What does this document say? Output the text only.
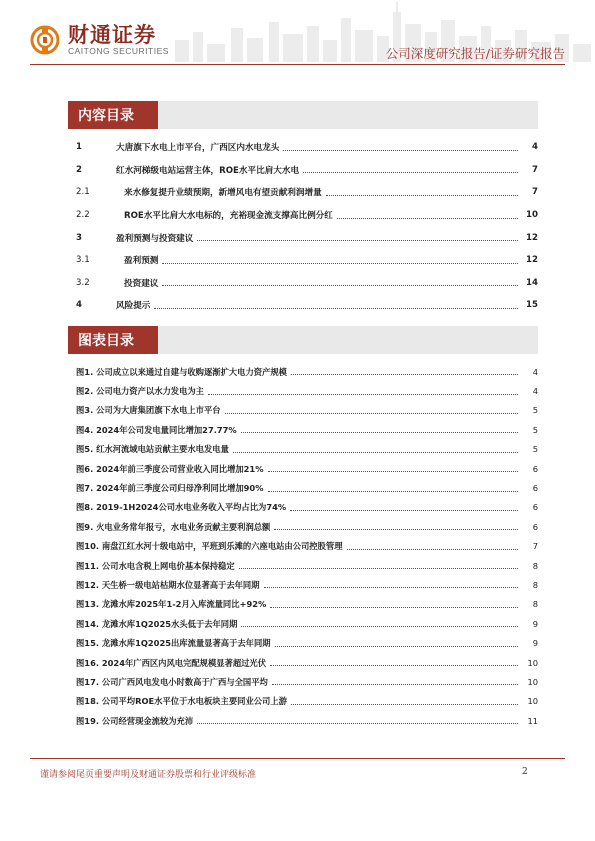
财通证券
CAITONG SECURITIES	公司深度研究报告/证券研究报告
内容目录
1	大唐旗下水电上市平台，广西区内水电龙头	4
2	红水河梯级电站运营主体，ROE水平比肩大水电	7
2.1	来水修复提升业绩预期，新增风电有望贡献利润增量	7
2.2	ROE水平比肩大水电标的，充裕现金流支撑高比例分红	10
3	盈利预测与投资建议	12
3.1	盈利预测	12
3.2	投资建议	14
4	风险提示	15
图表目录
图1. 公司成立以来通过自建与收购逐渐扩大电力资产规模	4
图2. 公司电力资产以水力发电为主	4
图3. 公司为大唐集团旗下水电上市平台	5
图4. 2024年公司发电量同比增加27.77%	5
图5. 红水河流域电站贡献主要水电发电量	5
图6. 2024年前三季度公司营业收入同比增加21%	6
图7. 2024年前三季度公司归母净利同比增加90%	6
图8. 2019-1H2024公司水电业务收入平均占比为74%	6
图9. 火电业务常年报亏，水电业务贡献主要利润总额	6
图10. 南盘江红水河十级电站中，平班到乐滩的六座电站由公司控股管理	7
图11. 公司水电含税上网电价基本保持稳定	8
图12. 天生桥一级电站枯期水位显著高于去年同期	8
图13. 龙滩水库2025年1-2月入库流量同比+92%	8
图14. 龙滩水库1Q2025水头低于去年同期	9
图15. 龙滩水库1Q2025出库流量显著高于去年同期	9
图16. 2024年广西区内风电完配规模显著超过光伏	10
图17. 公司广西风电发电小时数高于广西与全国平均	10
图18. 公司平均ROE水平位于水电板块主要同业公司上游	10
图19. 公司经营现金流较为充沛	11
谨请参阅尾页重要声明及财通证券股票和行业评级标准	2
